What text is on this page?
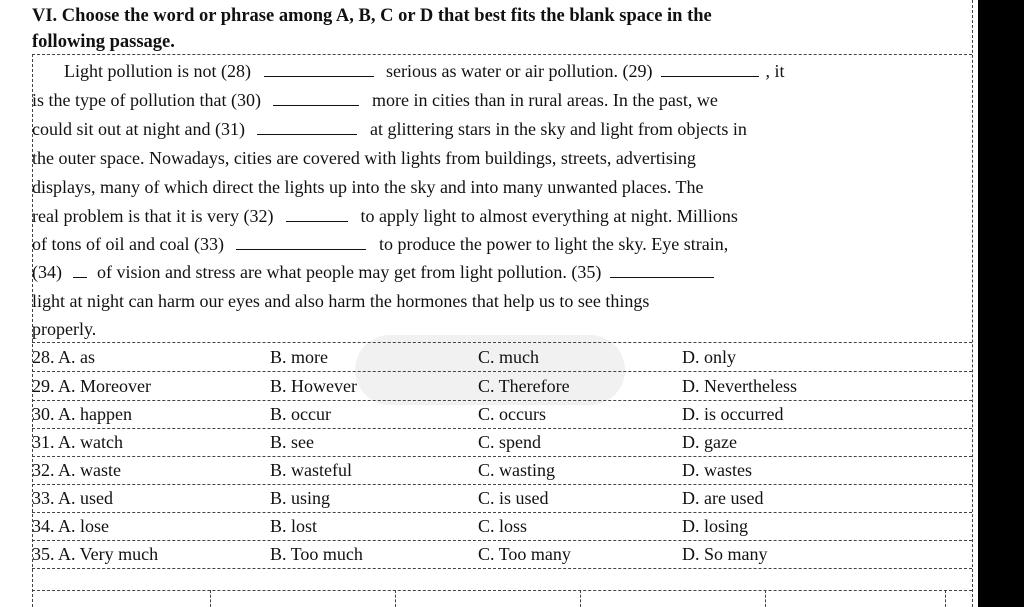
VI. Choose the word or phrase among A, B, C or D that best fits the blank space in the
following passage.
Light pollution is not (28)	serious as water or air pollution. (29)	, it
is the type of pollution that (30)	more in cities than in rural areas. In the past, we
could sit out at night and (31)	at glittering stars in the sky and light from objects in
the outer space. Nowadays, cities are covered with lights from buildings, streets, advertising
displays, many of which direct the lights up into the sky and into many unwanted places. The
real problem is that it is very (32)	to apply light to almost everything at night. Millions
of tons of oil and coal (33)	to produce the power to light the sky. Eye strain,
(34) of vision and stress are what people may get from light pollution. (35)
light at night can harm our eyes and also harm the hormones that help us to see things
properly.
28. A. as	B. more	C. much	D. only
29. A. Moreover	B. However	C. Therefore	D. Nevertheless
30. A. happen	B. occur	C. occurs	D. is occurred
31. A. watch	B. see	C. spend	D. gaze
32. A. waste	B. wasteful	C. wasting	D. wastes
33. A. used	B. using	C. is used	D. are used
34. A. lose	B. lost	C. loss	D. losing
35. A. Very much	B. Too much	C. Too many	D. So many
